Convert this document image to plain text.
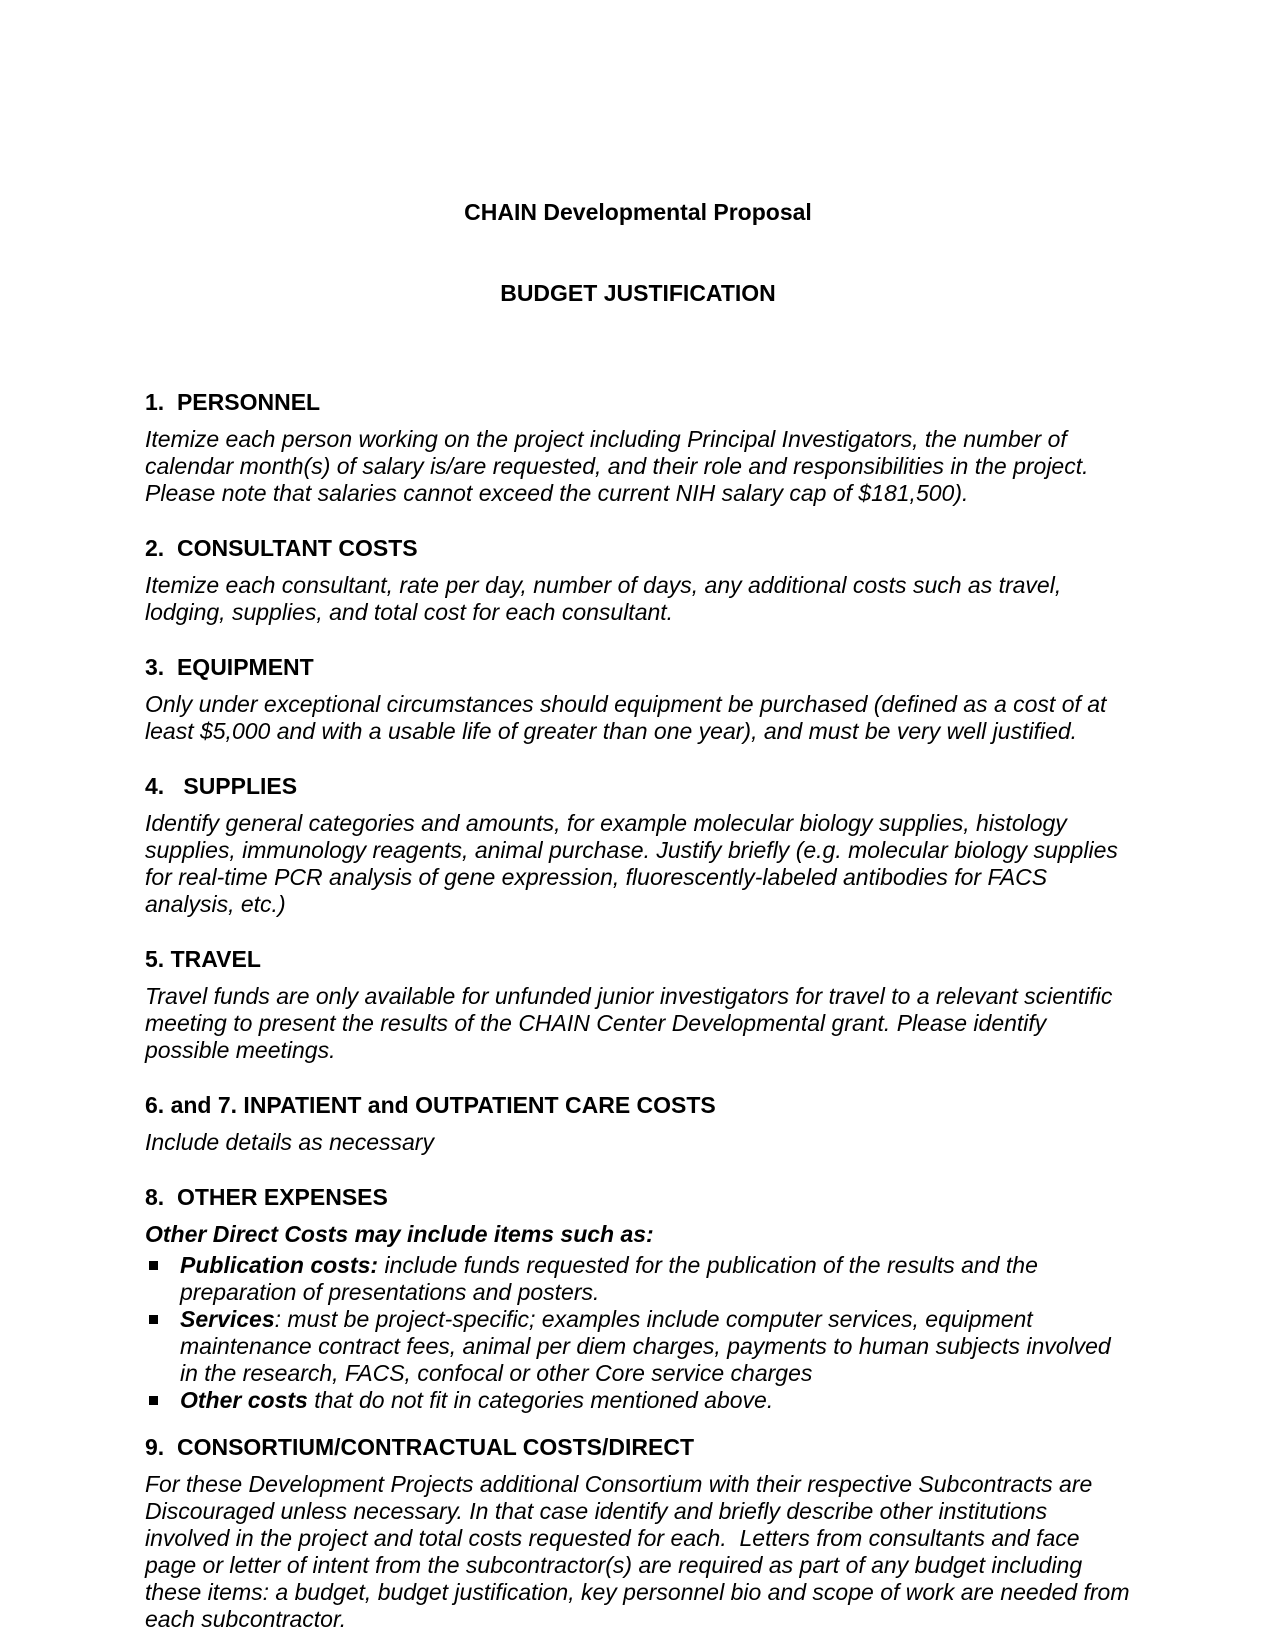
CHAIN Developmental Proposal

BUDGET JUSTIFICATION

1.  PERSONNEL

Itemize each person working on the project including Principal Investigators, the number of calendar month(s) of salary is/are requested, and their role and responsibilities in the project. Please note that salaries cannot exceed the current NIH salary cap of $181,500).

2.  CONSULTANT COSTS

Itemize each consultant, rate per day, number of days, any additional costs such as travel, lodging, supplies, and total cost for each consultant.

3.  EQUIPMENT

Only under exceptional circumstances should equipment be purchased (defined as a cost of at least $5,000 and with a usable life of greater than one year), and must be very well justified.

4.   SUPPLIES

Identify general categories and amounts, for example molecular biology supplies, histology supplies, immunology reagents, animal purchase. Justify briefly (e.g. molecular biology supplies for real-time PCR analysis of gene expression, fluorescently-labeled antibodies for FACS analysis, etc.)

5. TRAVEL

Travel funds are only available for unfunded junior investigators for travel to a relevant scientific meeting to present the results of the CHAIN Center Developmental grant. Please identify possible meetings.

6. and 7. INPATIENT and OUTPATIENT CARE COSTS

Include details as necessary

8.  OTHER EXPENSES

Other Direct Costs may include items such as:

Publication costs: include funds requested for the publication of the results and the preparation of presentations and posters.
Services: must be project-specific; examples include computer services, equipment maintenance contract fees, animal per diem charges, payments to human subjects involved in the research, FACS, confocal or other Core service charges
Other costs that do not fit in categories mentioned above.
9.  CONSORTIUM/CONTRACTUAL COSTS/DIRECT

For these Development Projects additional Consortium with their respective Subcontracts are Discouraged unless necessary. In that case identify and briefly describe other institutions involved in the project and total costs requested for each.  Letters from consultants and face page or letter of intent from the subcontractor(s) are required as part of any budget including these items: a budget, budget justification, key personnel bio and scope of work are needed from each subcontractor.
